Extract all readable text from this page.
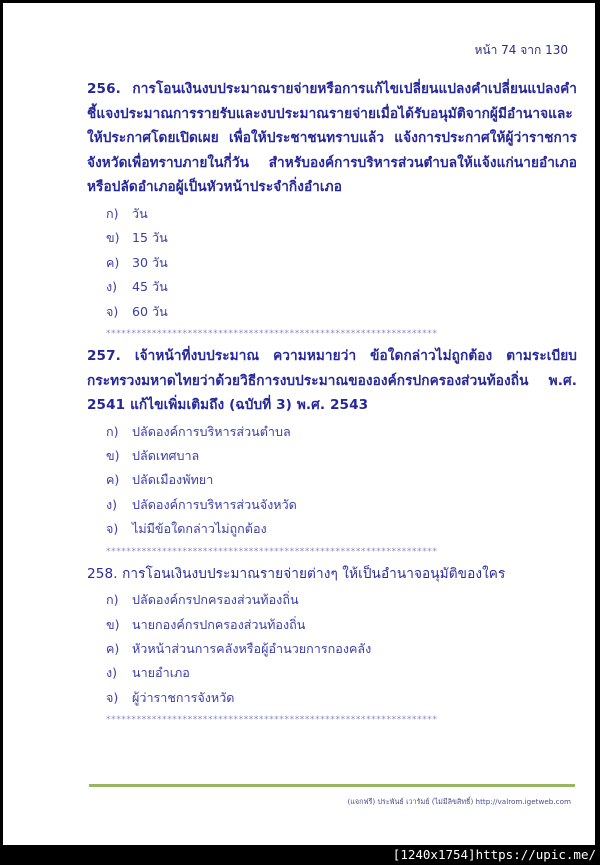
หน้า 74 จาก 130

256. การโอนเงินงบประมาณรายจ่ายหรือการแก้ไขเปลี่ยนแปลงคำเปลี่ยนแปลงคำชี้แจงประมาณการรายรับและงบประมาณรายจ่ายเมื่อได้รับอนุมัติจากผู้มีอำนาจและให้ประกาศโดยเปิดเผย เพื่อให้ประชาชนทราบแล้ว แจ้งการประกาศให้ผู้ว่าราชการจังหวัดเพื่อทราบภายในกี่วัน สำหรับองค์การบริหารส่วนตำบลให้แจ้งแก่นายอำเภอหรือปลัดอำเภอผู้เป็นหัวหน้าประจำกิ่งอำเภอ

ก)	วัน
ข) 15 วัน
ค)	30 วัน
ง)	45 วัน
จ)	60 วัน
*****************************************************************

257. เจ้าหน้าที่งบประมาณ ความหมายว่า ข้อใดกล่าวไม่ถูกต้อง ตามระเบียบกระทรวงมหาดไทยว่าด้วยวิธีการงบประมาณขององค์กรปกครองส่วนท้องถิ่น พ.ศ. 2541 แก้ไขเพิ่มเติมถึง (ฉบับที่ 3) พ.ศ. 2543

ก)	ปลัดองค์การบริหารส่วนตำบล
ข) ปลัดเทศบาล
ค)	ปลัดเมืองพัทยา
ง)	ปลัดองค์การบริหารส่วนจังหวัด
จ)	ไม่มีข้อใดกล่าวไม่ถูกต้อง
*****************************************************************

258. การโอนเงินงบประมาณรายจ่ายต่างๆ ให้เป็นอำนาจอนุมัติของใคร

ก)	ปลัดองค์กรปกครองส่วนท้องถิ่น
ข) นายกองค์กรปกครองส่วนท้องถิ่น
ค)	หัวหน้าส่วนการคลังหรือผู้อำนวยการกองคลัง
ง)	นายอำเภอ
จ)	ผู้ว่าราชการจังหวัด
*****************************************************************
(แจกฟรี) ประพันธ์ เวารัมย์ (ไม่มีลิขสิทธิ์) http://valrom.igetweb.com
[1240x1754]https://upic.me/
